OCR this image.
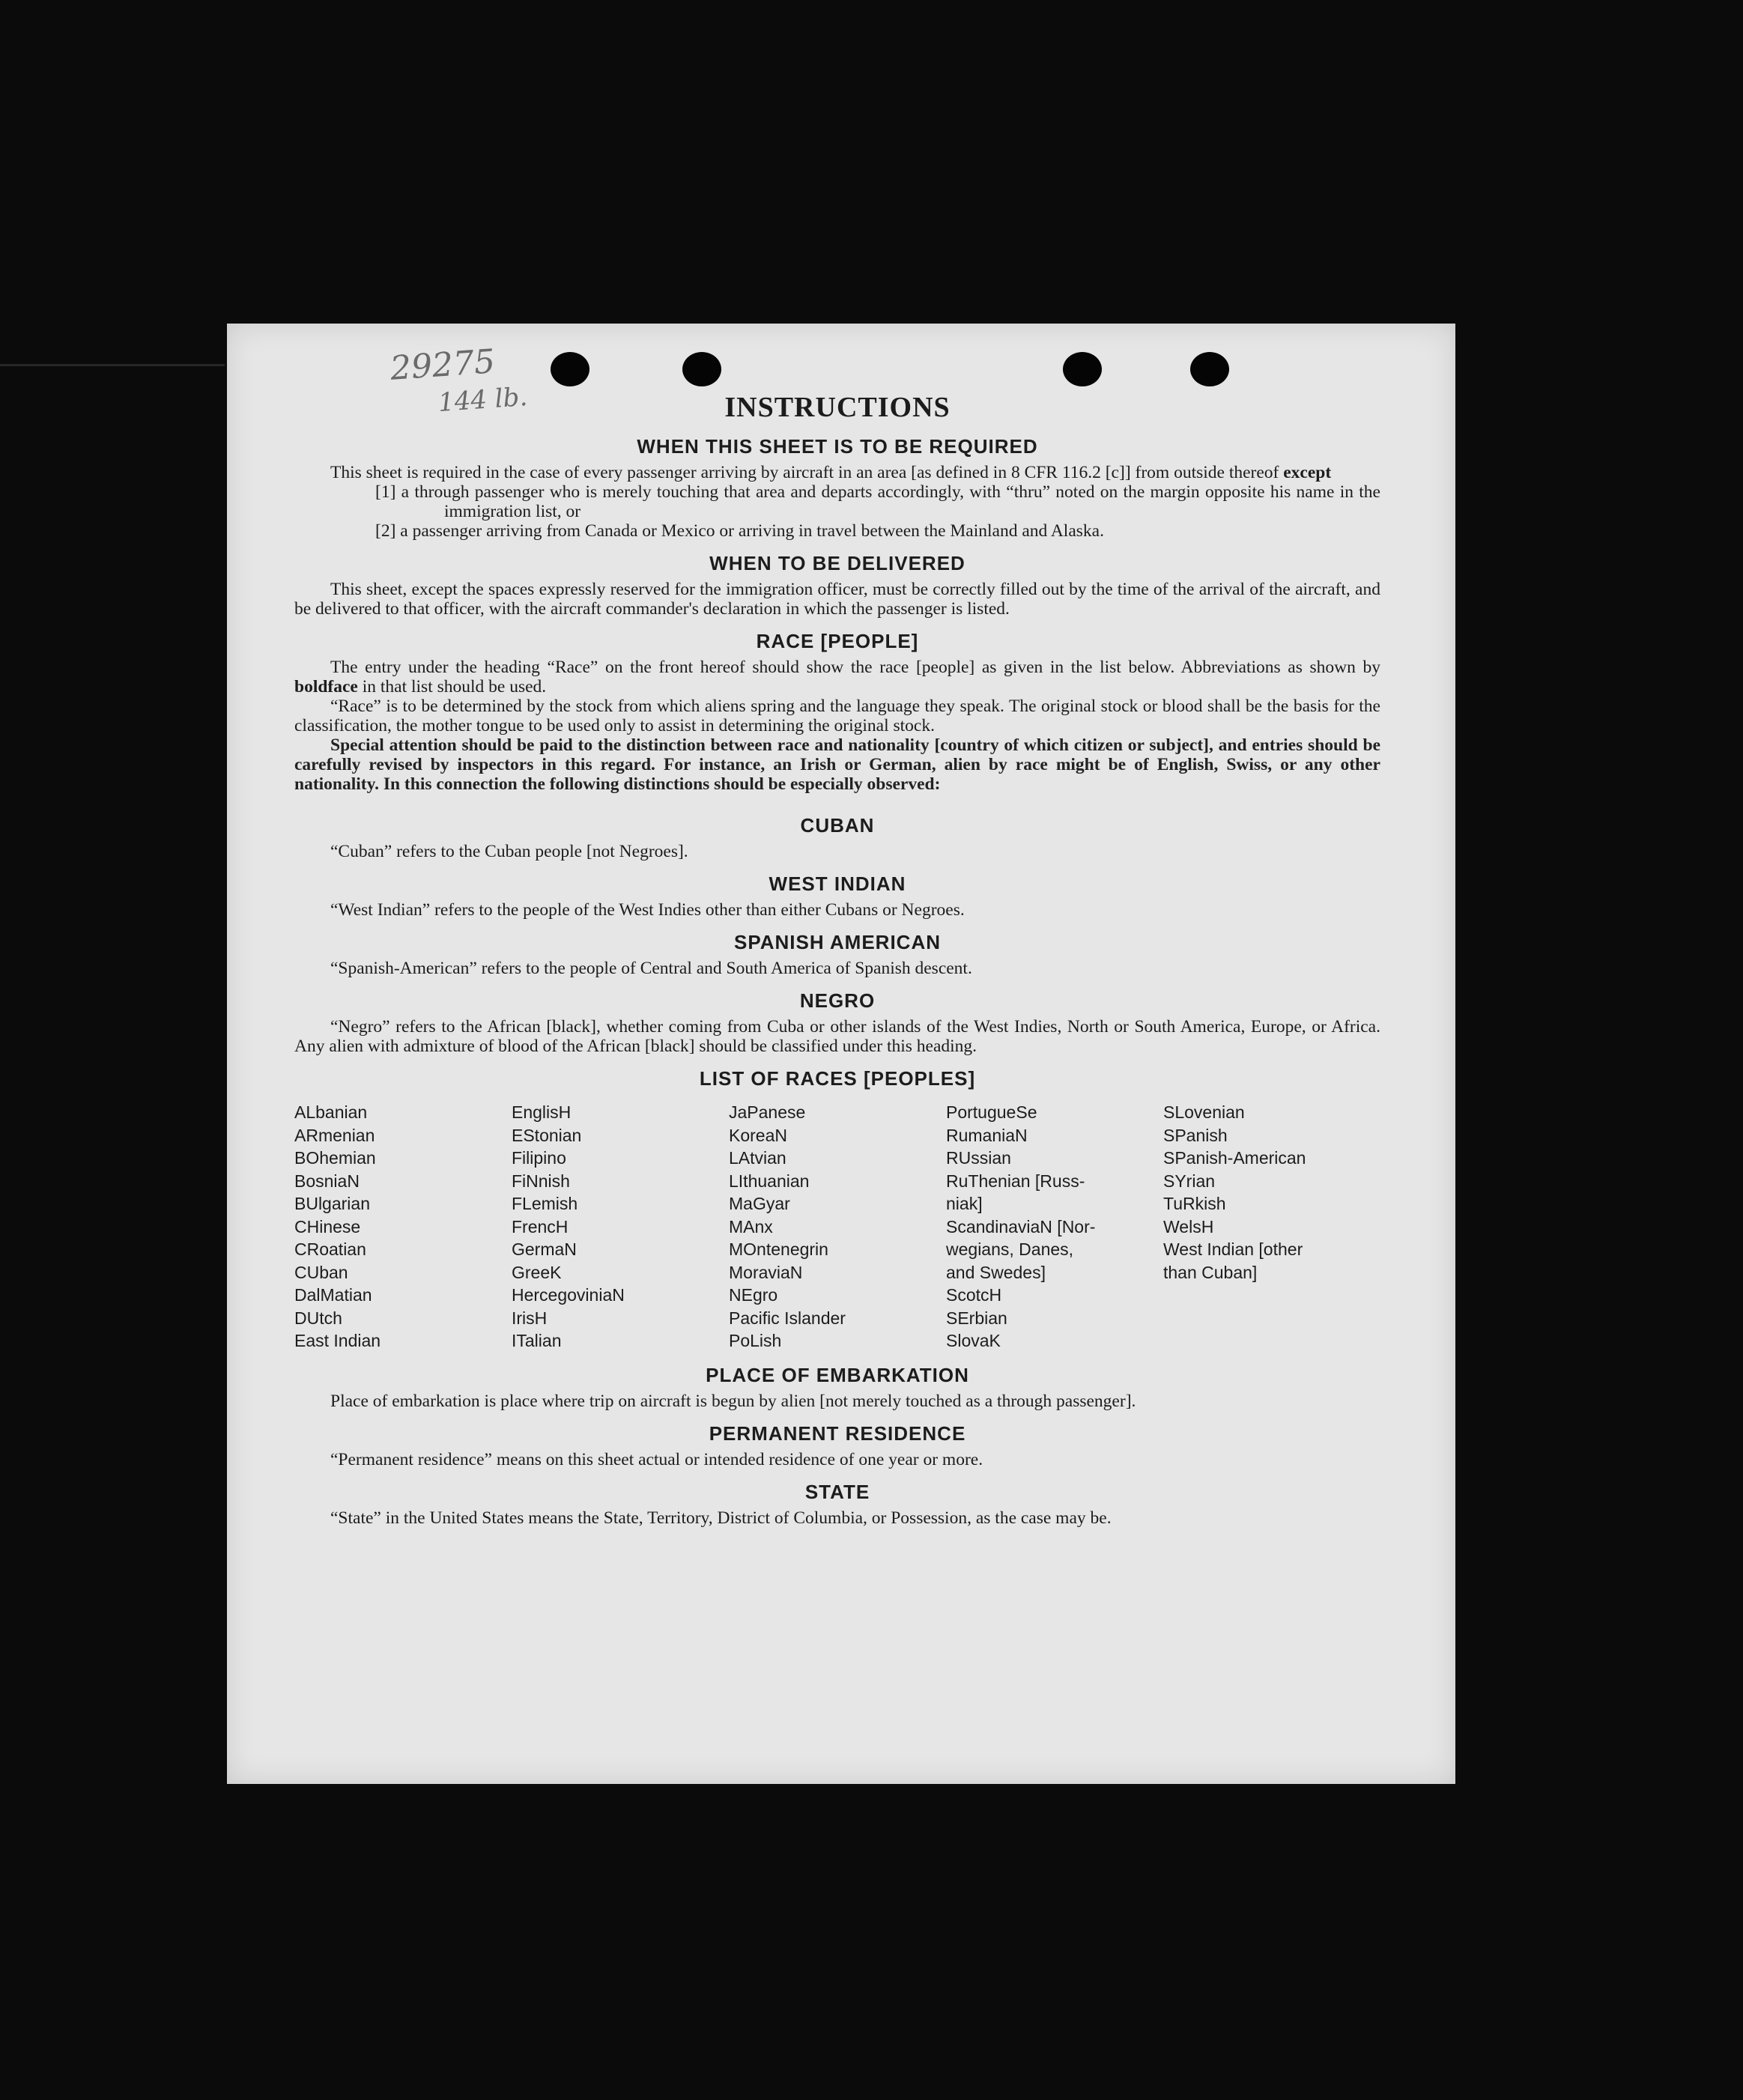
29275
144 lb.	INSTRUCTIONS
WHEN THIS SHEET IS TO BE REQUIRED

This sheet is required in the case of every passenger arriving by aircraft in an area [as defined in 8 CFR 116.2 [c]] from outside thereof except

[1] a through passenger who is merely touching that area and departs accordingly, with “thru” noted on the margin opposite his name in the immigration list, or
[2] a passenger arriving from Canada or Mexico or arriving in travel between the Mainland and Alaska.
WHEN TO BE DELIVERED

This sheet, except the spaces expressly reserved for the immigration officer, must be correctly filled out by the time of the arrival of the aircraft, and be delivered to that officer, with the aircraft commander's declaration in which the passenger is listed.

RACE [PEOPLE]

The entry under the heading “Race” on the front hereof should show the race [people] as given in the list below. Abbreviations as shown by boldface in that list should be used.

“Race” is to be determined by the stock from which aliens spring and the language they speak. The original stock or blood shall be the basis for the classification, the mother tongue to be used only to assist in determining the original stock.

Special attention should be paid to the distinction between race and nationality [country of which citizen or subject], and entries should be carefully revised by inspectors in this regard. For instance, an Irish or German, alien by race might be of English, Swiss, or any other nationality. In this connection the following distinctions should be especially observed:

CUBAN

“Cuban” refers to the Cuban people [not Negroes].

WEST INDIAN

“West Indian” refers to the people of the West Indies other than either Cubans or Negroes.

SPANISH AMERICAN

“Spanish-American” refers to the people of Central and South America of Spanish descent.

NEGRO

“Negro” refers to the African [black], whether coming from Cuba or other islands of the West Indies, North or South America, Europe, or Africa. Any alien with admixture of blood of the African [black] should be classified under this heading.

LIST OF RACES [PEOPLES]
ALbanian
ARmenian
BOhemian
BosniaN
BUlgarian
CHinese
CRoatian
CUban
DalMatian
DUtch
East Indian
EnglisH
EStonian
Filipino
FiNnish
FLemish
FrencH
GermaN
GreeK
HercegoviniaN
IrisH
ITalian
JaPanese
KoreaN
LAtvian
LIthuanian
MaGyar
MAnx
MOntenegrin
MoraviaN
NEgro
Pacific Islander
PoLish
PortugueSe
RumaniaN
RUssian
RuThenian [Russ-
niak]
ScandinaviaN [Nor-
wegians, Danes,
and Swedes]
ScotcH
SErbian
SlovaK
SLovenian
SPanish
SPanish-American
SYrian
TuRkish
WelsH
West Indian [other
than Cuban]
PLACE OF EMBARKATION

Place of embarkation is place where trip on aircraft is begun by alien [not merely touched as a through passenger].

PERMANENT RESIDENCE

“Permanent residence” means on this sheet actual or intended residence of one year or more.

STATE

“State” in the United States means the State, Territory, District of Columbia, or Possession, as the case may be.
